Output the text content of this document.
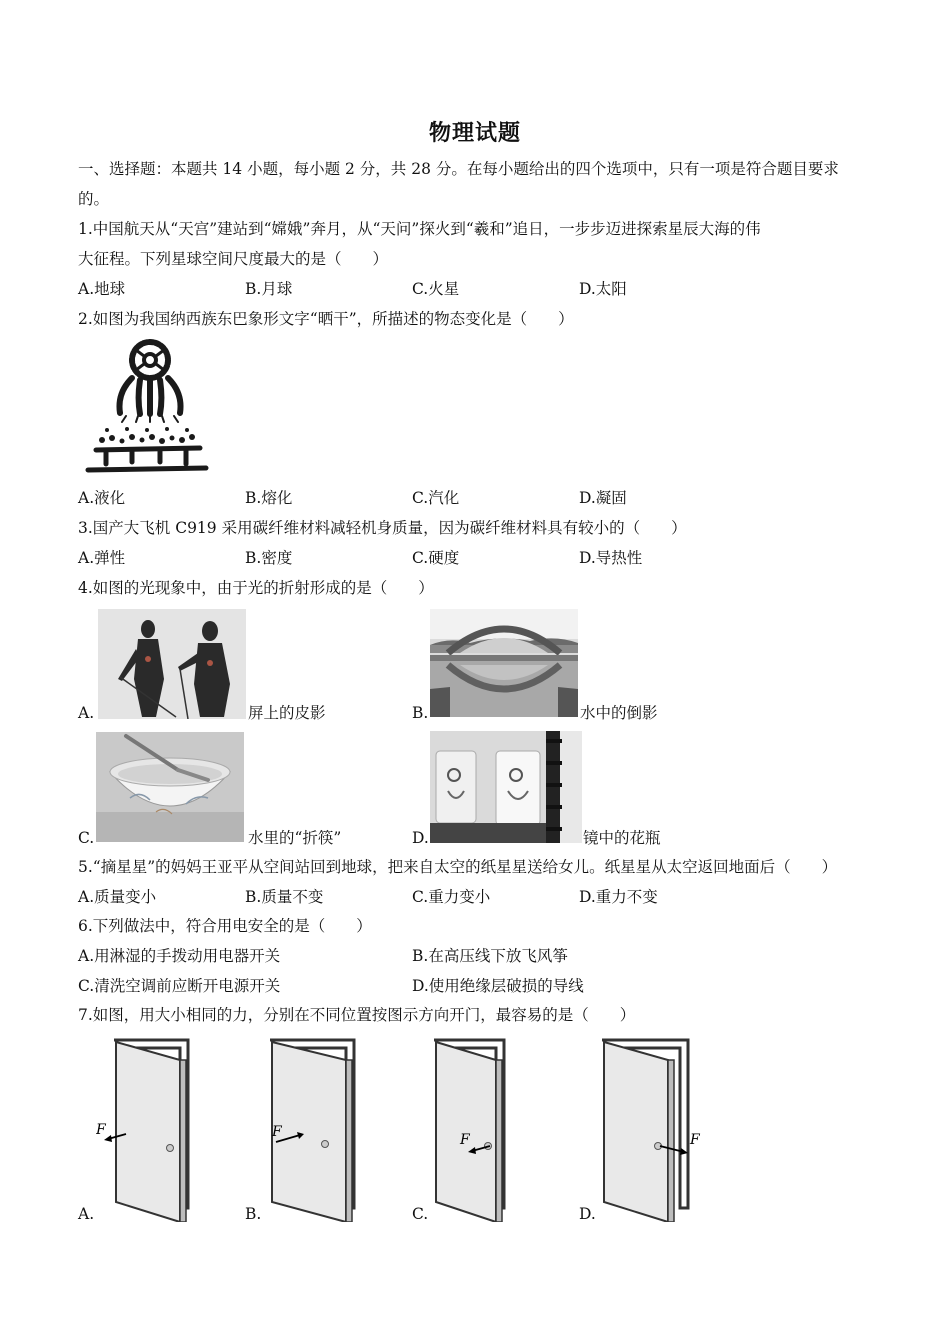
物理试题
一、选择题：本题共 14 小题，每小题 2 分，共 28 分。在每小题给出的四个选项中，只有一项是符合题目要求
的。
1.中国航天从“天宫”建站到“嫦娥”奔月，从“天问”探火到“羲和”追日，一步步迈进探索星辰大海的伟
大征程。下列星球空间尺度最大的是（　　）
A.地球	B.月球	C.火星	D.太阳
2.如图为我国纳西族东巴象形文字“晒干”，所描述的物态变化是（　　）
A.液化	B.熔化	C.汽化	D.凝固
3.国产大飞机 C919 采用碳纤维材料减轻机身质量，因为碳纤维材料具有较小的（　　）
A.弹性	B.密度	C.硬度	D.导热性
4.如图的光现象中，由于光的折射形成的是（　　）
A.	屏上的皮影	B.	水中的倒影
C.	水里的“折筷”	D.	镜中的花瓶
5.“摘星星”的妈妈王亚平从空间站回到地球，把来自太空的纸星星送给女儿。纸星星从太空返回地面后（　　）
A.质量变小	B.质量不变	C.重力变小	D.重力不变
6.下列做法中，符合用电安全的是（　　）
A.用淋湿的手拨动用电器开关	B.在高压线下放飞风筝
C.清洗空调前应断开电源开关	D.使用绝缘层破损的导线
7.如图，用大小相同的力，分别在不同位置按图示方向开门，最容易的是（　　）
F
A.
F
B.
F
C.
F
D.
